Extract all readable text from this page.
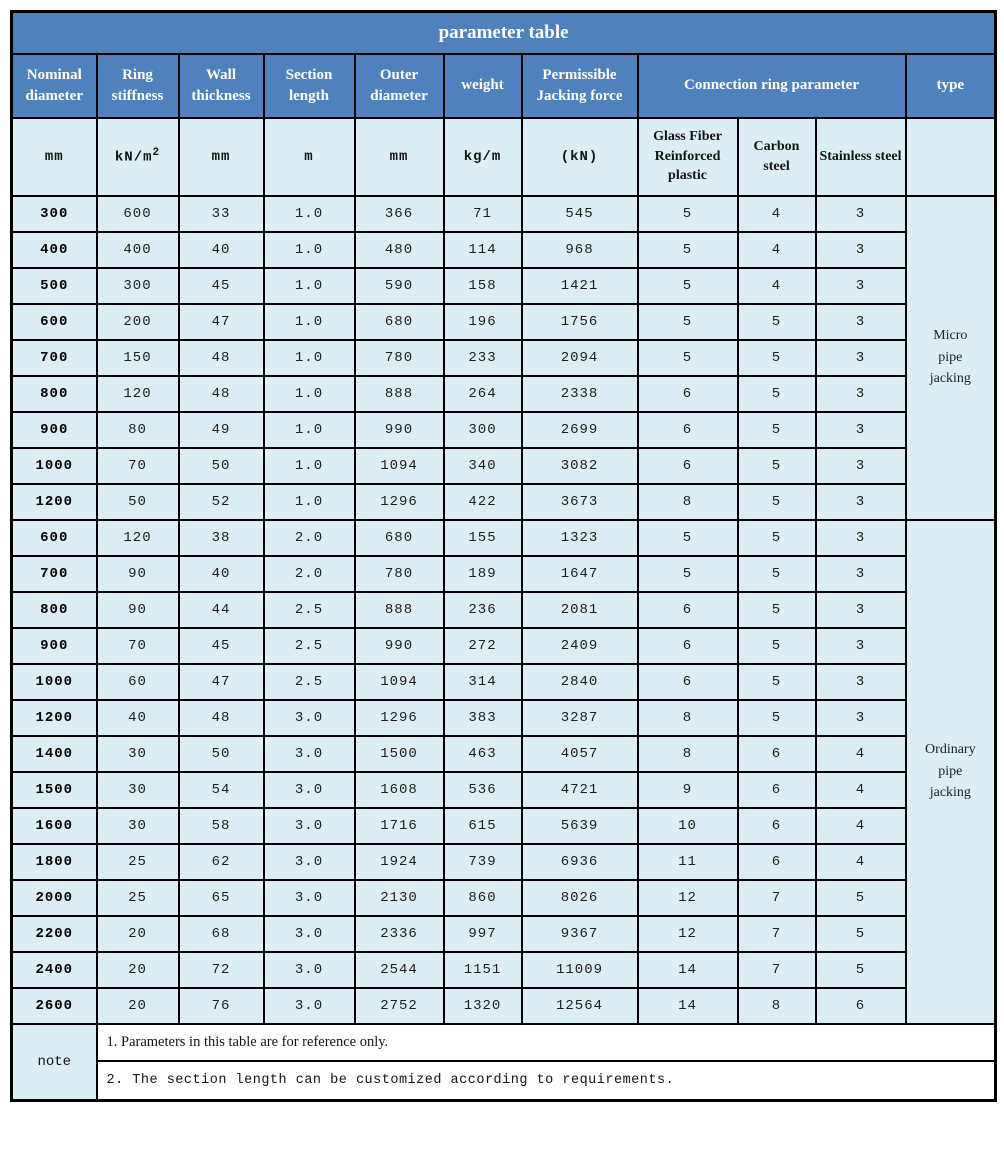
parameter table										
Nominal diameter	Ring stiffness	Wall thickness	Section length	Outer diameter	weight	Permissible Jacking force	Connection ring parameter			type
mm	$kN/m^2$	mm	m	mm	kg/m	(kN)	Glass Fiber Reinforced plastic	Carbon steel	Stainless steel	
300	600	33	1.0	366	71	545	5	4	3	Micro pipe jacking
400	400	40	1.0	480	114	968	5	4	3	
500	300	45	1.0	590	158	1421	5	4	3	
600	200	47	1.0	680	196	1756	5	5	3	
700	150	48	1.0	780	233	2094	5	5	3	
800	120	48	1.0	888	264	2338	6	5	3	
900	80	49	1.0	990	300	2699	6	5	3	
1000	70	50	1.0	1094	340	3082	6	5	3	
1200	50	52	1.0	1296	422	3673	8	5	3	
600	120	38	2.0	680	155	1323	5	5	3	Ordinary pipe jacking
700	90	40	2.0	780	189	1647	5	5	3	
800	90	44	2.5	888	236	2081	6	5	3	
900	70	45	2.5	990	272	2409	6	5	3	
1000	60	47	2.5	1094	314	2840	6	5	3	
1200	40	48	3.0	1296	383	3287	8	5	3	
1400	30	50	3.0	1500	463	4057	8	6	4	
1500	30	54	3.0	1608	536	4721	9	6	4	
1600	30	58	3.0	1716	615	5639	10	6	4	
1800	25	62	3.0	1924	739	6936	11	6	4	
2000	25	65	3.0	2130	860	8026	12	7	5	
2200	20	68	3.0	2336	997	9367	12	7	5	
2400	20	72	3.0	2544	1151	11009	14	7	5	
2600	20	76	3.0	2752	1320	12564	14	8	6	
note	1. Parameters in this table are for reference only.
2. The section length can be customized according to requirements.									
